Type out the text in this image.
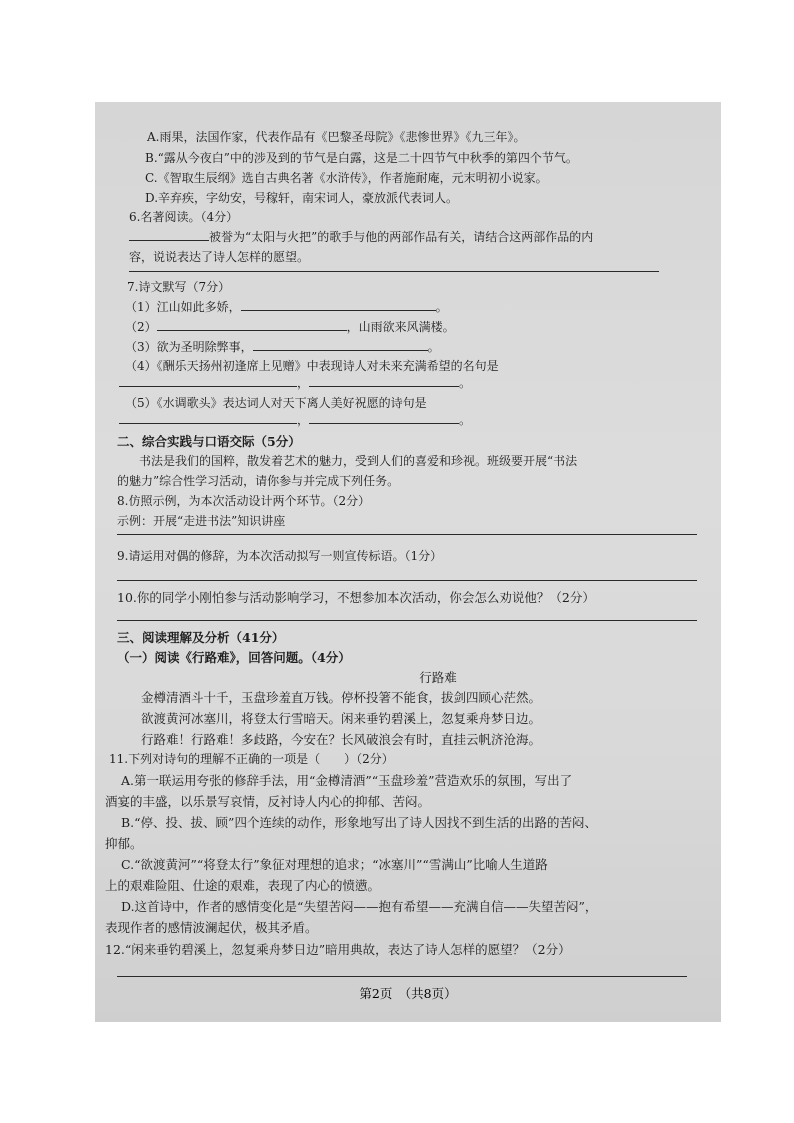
A.雨果，法国作家，代表作品有《巴黎圣母院》《悲惨世界》《九三年》。
B.“露从今夜白”中的涉及到的节气是白露，这是二十四节气中秋季的第四个节气。
C.《智取生辰纲》选自古典名著《水浒传》，作者施耐庵，元末明初小说家。
D.辛弃疾，字幼安，号稼轩，南宋词人，豪放派代表词人。
6.名著阅读。（4分）
被誉为“太阳与火把”的歌手与他的两部作品有关，请结合这两部作品的内
容，说说表达了诗人怎样的愿望。
7.诗文默写（7分）
（1）江山如此多娇，	。
（2）	，山雨欲来风满楼。
（3）欲为圣明除弊事，	。
（4）《酬乐天扬州初逢席上见赠》中表现诗人对未来充满希望的名句是
，	。
（5）《水调歌头》表达词人对天下离人美好祝愿的诗句是
，	。
二、综合实践与口语交际（5分）
书法是我们的国粹，散发着艺术的魅力，受到人们的喜爱和珍视。班级要开展“书法
的魅力”综合性学习活动，请你参与并完成下列任务。
8.仿照示例，为本次活动设计两个环节。（2分）
示例：开展“走进书法”知识讲座
9.请运用对偶的修辞，为本次活动拟写一则宣传标语。（1分）
10.你的同学小刚怕参与活动影响学习，不想参加本次活动，你会怎么劝说他？（2分）
三、阅读理解及分析（41分）
（一）阅读《行路难》，回答问题。（4分）
行路难
金樽清酒斗十千，玉盘珍羞直万钱。停杯投箸不能食，拔剑四顾心茫然。
欲渡黄河冰塞川，将登太行雪暗天。闲来垂钓碧溪上，忽复乘舟梦日边。
行路难！行路难！多歧路，今安在？长风破浪会有时，直挂云帆济沧海。
11.下列对诗句的理解不正确的一项是（　　）（2分）
A.第一联运用夸张的修辞手法，用“金樽清酒”“玉盘珍羞”营造欢乐的氛围，写出了
酒宴的丰盛，以乐景写哀情，反衬诗人内心的抑郁、苦闷。
B.“停、投、拔、顾”四个连续的动作，形象地写出了诗人因找不到生活的出路的苦闷、
抑郁。
C.“欲渡黄河”“将登太行”象征对理想的追求；“冰塞川”“雪满山”比喻人生道路
上的艰难险阻、仕途的艰难，表现了内心的愤懑。
D.这首诗中，作者的感情变化是“失望苦闷——抱有希望——充满自信——失望苦闷”，
表现作者的感情波澜起伏，极其矛盾。
12.“闲来垂钓碧溪上，忽复乘舟梦日边”暗用典故，表达了诗人怎样的愿望？（2分）
第2页　（共8页）
